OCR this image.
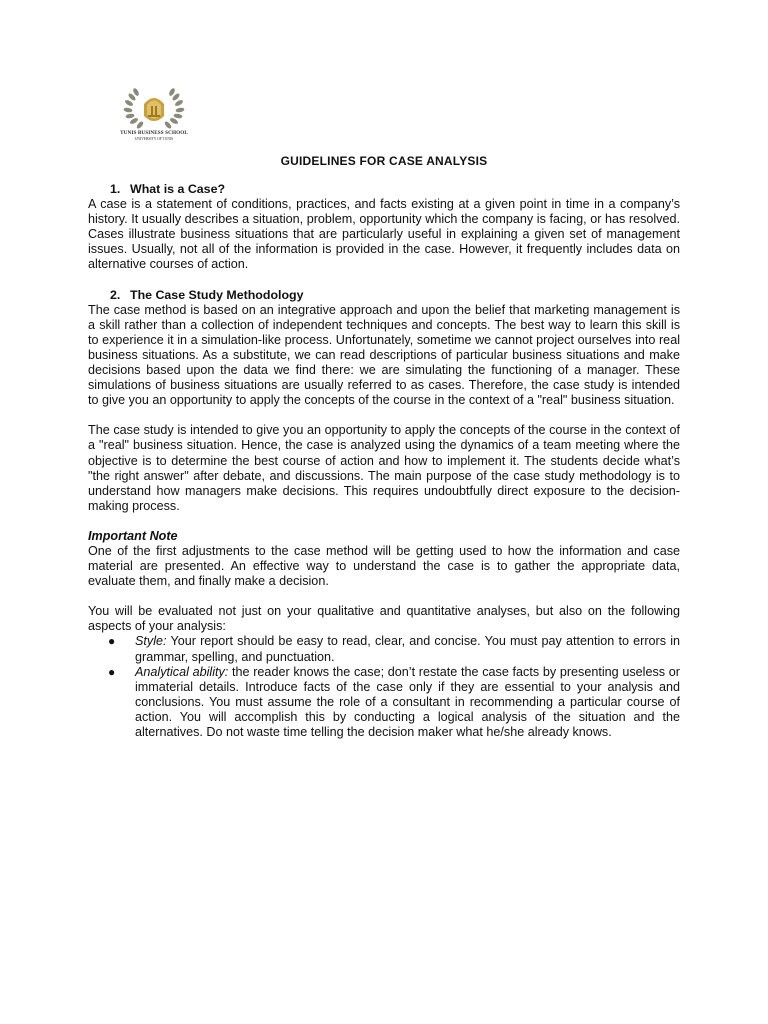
TUNIS BUSINESS SCHOOL
UNIVERSITY OF TUNIS
GUIDELINES FOR CASE ANALYSIS
1. What is a Case?

A case is a statement of conditions, practices, and facts existing at a given point in time in a company’s history. It usually describes a situation, problem, opportunity which the company is facing, or has resolved. Cases illustrate business situations that are particularly useful in explaining a given set of management issues. Usually, not all of the information is provided in the case. However, it frequently includes data on alternative courses of action.

2. The Case Study Methodology

The case method is based on an integrative approach and upon the belief that marketing management is a skill rather than a collection of independent techniques and concepts. The best way to learn this skill is to experience it in a simulation-like process. Unfortunately, sometime we cannot project ourselves into real business situations. As a substitute, we can read descriptions of particular business situations and make decisions based upon the data we find there: we are simulating the functioning of a manager. These simulations of business situations are usually referred to as cases. Therefore, the case study is intended to give you an opportunity to apply the concepts of the course in the context of a "real" business situation.

The case study is intended to give you an opportunity to apply the concepts of the course in the context of a "real" business situation. Hence, the case is analyzed using the dynamics of a team meeting where the objective is to determine the best course of action and how to implement it. The students decide what’s "the right answer" after debate, and discussions. The main purpose of the case study methodology is to understand how managers make decisions. This requires undoubtfully direct exposure to the decision-making process.

Important Note

One of the first adjustments to the case method will be getting used to how the information and case material are presented. An effective way to understand the case is to gather the appropriate data, evaluate them, and finally make a decision.

You will be evaluated not just on your qualitative and quantitative analyses, but also on the following aspects of your analysis:

● Style: Your report should be easy to read, clear, and concise. You must pay attention to errors in grammar, spelling, and punctuation.
● Analytical ability: the reader knows the case; don’t restate the case facts by presenting useless or immaterial details. Introduce facts of the case only if they are essential to your analysis and conclusions. You must assume the role of a consultant in recommending a particular course of action. You will accomplish this by conducting a logical analysis of the situation and the alternatives. Do not waste time telling the decision maker what he/she already knows.
